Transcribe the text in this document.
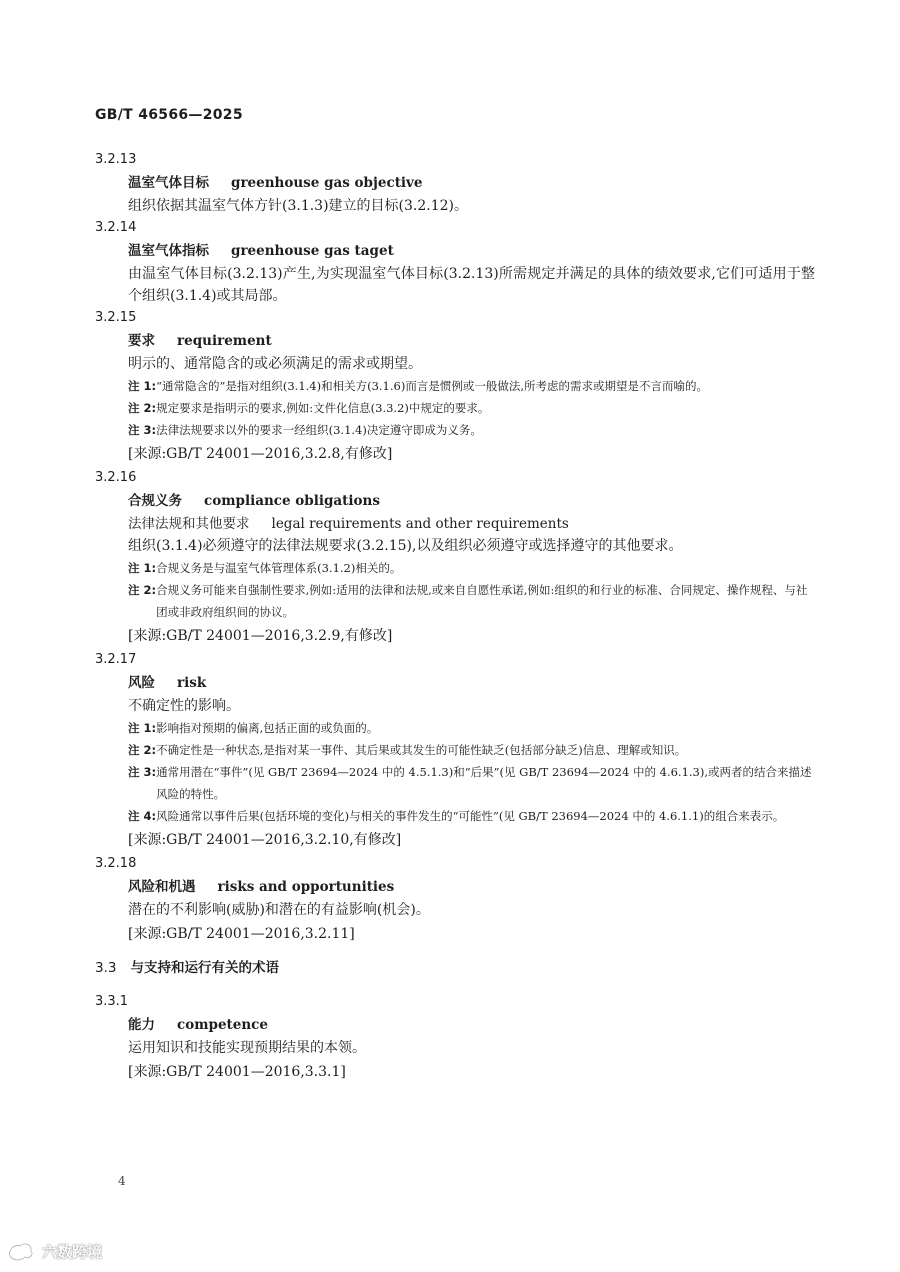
GB/T 46566—2025
3.2.13
温室气体目标 greenhouse gas objective
组织依据其温室气体方针(3.1.3)建立的目标(3.2.12)。
3.2.14
温室气体指标 greenhouse gas taget
由温室气体目标(3.2.13)产生,为实现温室气体目标(3.2.13)所需规定并满足的具体的绩效要求,它们可适用于整个组织(3.1.4)或其局部。
3.2.15
要求 requirement
明示的、通常隐含的或必须满足的需求或期望。
注 1: “通常隐含的”是指对组织(3.1.4)和相关方(3.1.6)而言是惯例或一般做法,所考虑的需求或期望是不言而喻的。
注 2: 规定要求是指明示的要求,例如:文件化信息(3.3.2)中规定的要求。
注 3: 法律法规要求以外的要求一经组织(3.1.4)决定遵守即成为义务。
[来源:GB/T 24001—2016,3.2.8,有修改]
3.2.16
合规义务 compliance obligations
法律法规和其他要求 legal requirements and other requirements
组织(3.1.4)必须遵守的法律法规要求(3.2.15),以及组织必须遵守或选择遵守的其他要求。
注 1: 合规义务是与温室气体管理体系(3.1.2)相关的。
注 2: 合规义务可能来自强制性要求,例如:适用的法律和法规,或来自自愿性承诺,例如:组织的和行业的标准、合同规定、操作规程、与社团或非政府组织间的协议。
[来源:GB/T 24001—2016,3.2.9,有修改]
3.2.17
风险 risk
不确定性的影响。
注 1: 影响指对预期的偏离,包括正面的或负面的。
注 2: 不确定性是一种状态,是指对某一事件、其后果或其发生的可能性缺乏(包括部分缺乏)信息、理解或知识。
注 3: 通常用潜在“事件”(见 GB/T 23694—2024 中的 4.5.1.3)和“后果”(见 GB/T 23694—2024 中的 4.6.1.3),或两者的结合来描述风险的特性。
注 4: 风险通常以事件后果(包括环境的变化)与相关的事件发生的“可能性”(见 GB/T 23694—2024 中的 4.6.1.1)的组合来表示。
[来源:GB/T 24001—2016,3.2.10,有修改]
3.2.18
风险和机遇 risks and opportunities
潜在的不利影响(威胁)和潜在的有益影响(机会)。
[来源:GB/T 24001—2016,3.2.11]
3.3 与支持和运行有关的术语
3.3.1
能力 competence
运用知识和技能实现预期结果的本领。
[来源:GB/T 24001—2016,3.3.1]
4
六数跨境
